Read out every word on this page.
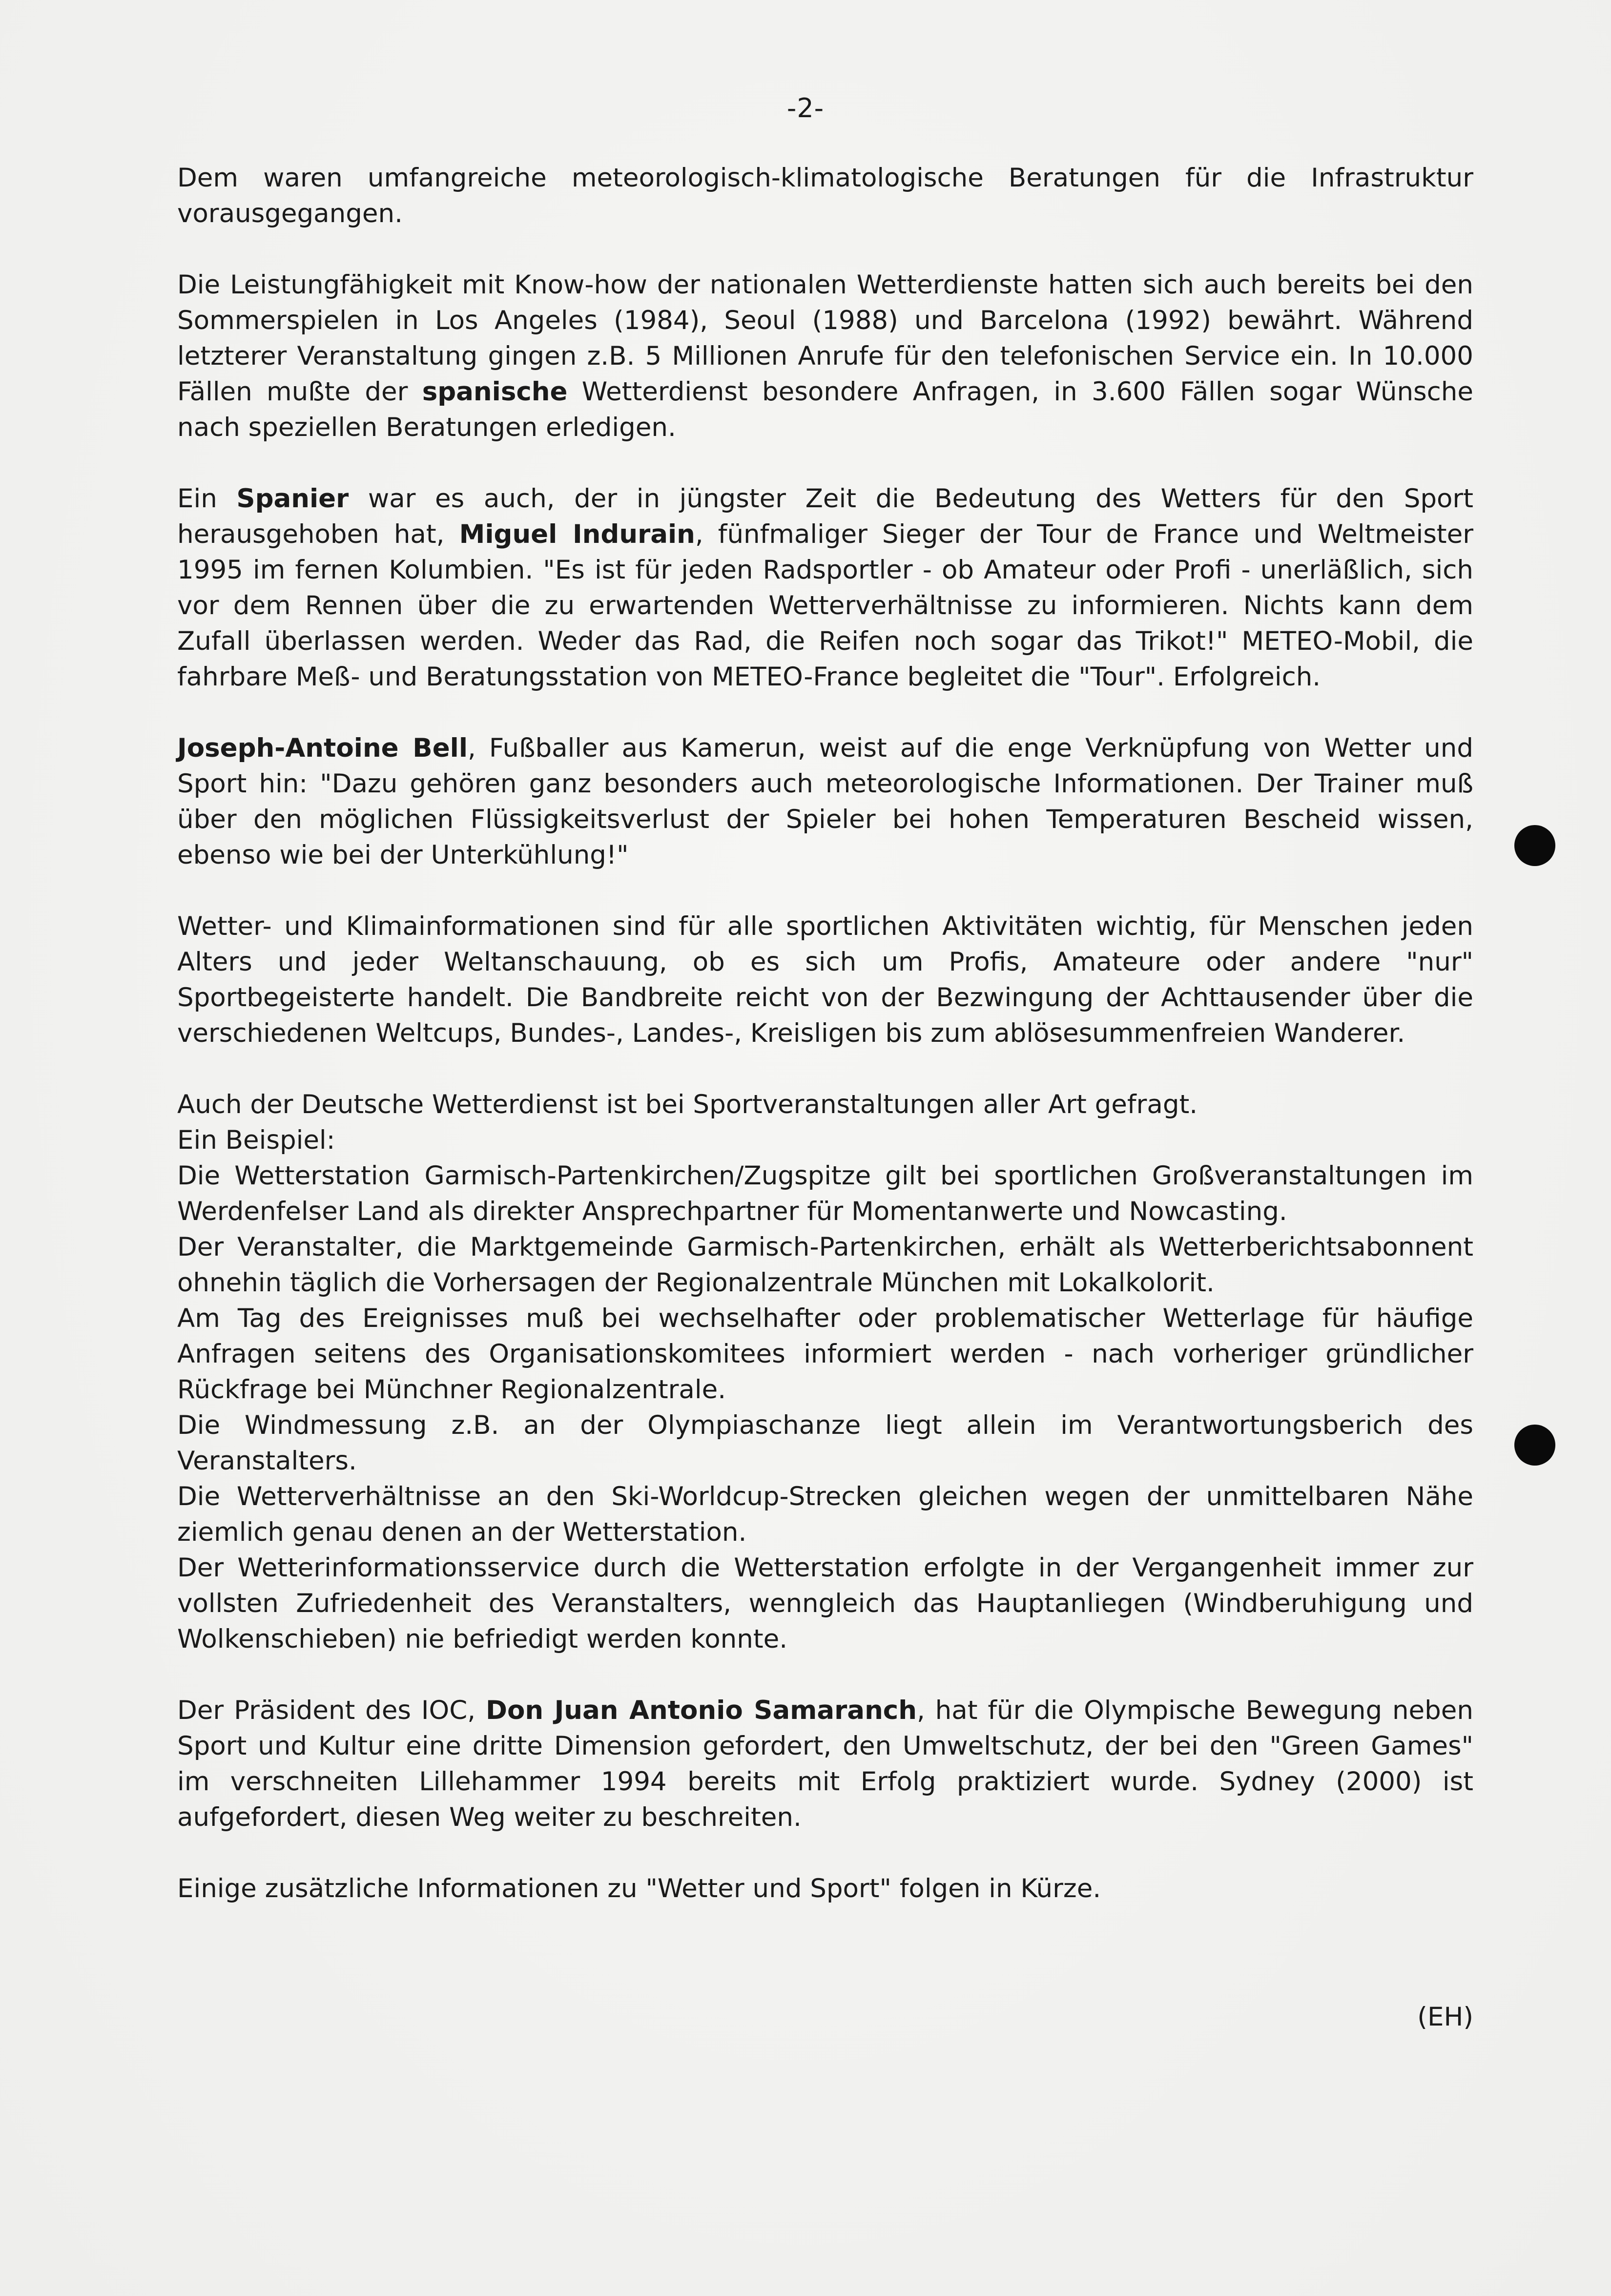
-2-

Dem waren umfangreiche meteorologisch-klimatologische Beratungen für die Infrastruktur vorausgegangen.

Die Leistungfähigkeit mit Know-how der nationalen Wetterdienste hatten sich auch bereits bei den Sommerspielen in Los Angeles (1984), Seoul (1988) und Barcelona (1992) bewährt. Während letzterer Veranstaltung gingen z.B. 5 Millionen Anrufe für den telefonischen Service ein. In 10.000 Fällen mußte der spanische Wetterdienst besondere Anfragen, in 3.600 Fällen sogar Wünsche nach speziellen Beratungen erledigen.

Ein Spanier war es auch, der in jüngster Zeit die Bedeutung des Wetters für den Sport herausgehoben hat, Miguel Indurain, fünfmaliger Sieger der Tour de France und Weltmeister 1995 im fernen Kolumbien. "Es ist für jeden Radsportler - ob Amateur oder Profi - unerläßlich, sich vor dem Rennen über die zu erwartenden Wetterverhältnisse zu informieren. Nichts kann dem Zufall überlassen werden. Weder das Rad, die Reifen noch sogar das Trikot!" METEO-Mobil, die fahrbare Meß- und Beratungsstation von METEO-France begleitet die "Tour". Erfolgreich.

Joseph-Antoine Bell, Fußballer aus Kamerun, weist auf die enge Verknüpfung von Wetter und Sport hin: "Dazu gehören ganz besonders auch meteorologische Informationen. Der Trainer muß über den möglichen Flüssigkeitsverlust der Spieler bei hohen Temperaturen Bescheid wissen, ebenso wie bei der Unterkühlung!"

Wetter- und Klimainformationen sind für alle sportlichen Aktivitäten wichtig, für Menschen jeden Alters und jeder Weltanschauung, ob es sich um Profis, Amateure oder andere "nur" Sportbegeisterte handelt. Die Bandbreite reicht von der Bezwingung der Achttausender über die verschiedenen Weltcups, Bundes-, Landes-, Kreisligen bis zum ablösesummenfreien Wanderer.

Auch der Deutsche Wetterdienst ist bei Sportveranstaltungen aller Art gefragt.
Ein Beispiel:
Die Wetterstation Garmisch-Partenkirchen/Zugspitze gilt bei sportlichen Großveranstaltungen im Werdenfelser Land als direkter Ansprechpartner für Momentanwerte und Nowcasting.
Der Veranstalter, die Marktgemeinde Garmisch-Partenkirchen, erhält als Wetterberichtsabonnent ohnehin täglich die Vorhersagen der Regionalzentrale München mit Lokalkolorit.
Am Tag des Ereignisses muß bei wechselhafter oder problematischer Wetterlage für häufige Anfragen seitens des Organisationskomitees informiert werden - nach vorheriger gründlicher Rückfrage bei Münchner Regionalzentrale.
Die Windmessung z.B. an der Olympiaschanze liegt allein im Verantwortungsberich des Veranstalters.
Die Wetterverhältnisse an den Ski-Worldcup-Strecken gleichen wegen der unmittelbaren Nähe ziemlich genau denen an der Wetterstation.
Der Wetterinformationsservice durch die Wetterstation erfolgte in der Vergangenheit immer zur vollsten Zufriedenheit des Veranstalters, wenngleich das Hauptanliegen (Windberuhigung und Wolkenschieben) nie befriedigt werden konnte.

Der Präsident des IOC, Don Juan Antonio Samaranch, hat für die Olympische Bewegung neben Sport und Kultur eine dritte Dimension gefordert, den Umweltschutz, der bei den "Green Games" im verschneiten Lillehammer 1994 bereits mit Erfolg praktiziert wurde. Sydney (2000) ist aufgefordert, diesen Weg weiter zu beschreiten.

Einige zusätzliche Informationen zu "Wetter und Sport" folgen in Kürze.

(EH)
